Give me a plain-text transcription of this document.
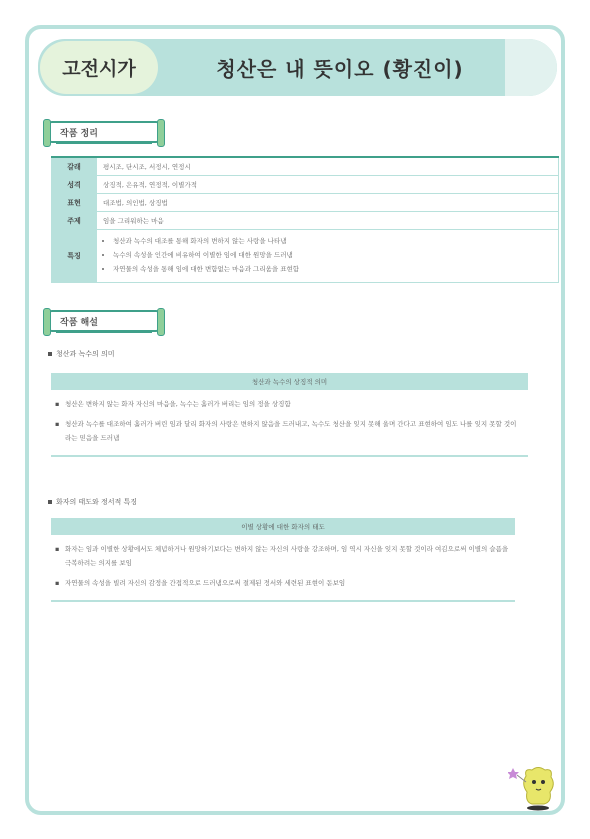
고전시가	청산은 내 뜻이오 (황진이)
작품 정리
갈래	평시조, 단시조, 서정시, 연정시
성격	상징적, 은유적, 연정적, 이별가적
표현	대조법, 의인법, 상징법
주제	임을 그리워하는 마음
특징
• 청산과 녹수의 대조를 통해 화자의 변하지 않는 사랑을 나타냄
• 녹수의 속성을 인간에 비유하여 이별한 임에 대한 원망을 드러냄
• 자연물의 속성을 통해 임에 대한 변함없는 마음과 그리움을 표현함
작품 해설
청산과 녹수의 의미
청산과 녹수의 상징적 의미
▪ 청산은 변하지 않는 화자 자신의 마음을, 녹수는 흘러가 버리는 임의 정을 상징함
▪ 청산과 녹수를 대조하여 흘러가 버린 임과 달리 화자의 사랑은 변하지 않음을 드러내고, 녹수도 청산을 잊지 못해 울며 간다고 표현하여 임도 나를 잊지 못할 것이라는 믿음을 드러냄
화자의 태도와 정서적 특징
이별 상황에 대한 화자의 태도
▪ 화자는 임과 이별한 상황에서도 체념하거나 원망하기보다는 변하지 않는 자신의 사랑을 강조하며, 임 역시 자신을 잊지 못할 것이라 여김으로써 이별의 슬픔을 극복하려는 의지를 보임
▪ 자연물의 속성을 빌려 자신의 감정을 간접적으로 드러냄으로써 절제된 정서와 세련된 표현이 돋보임
